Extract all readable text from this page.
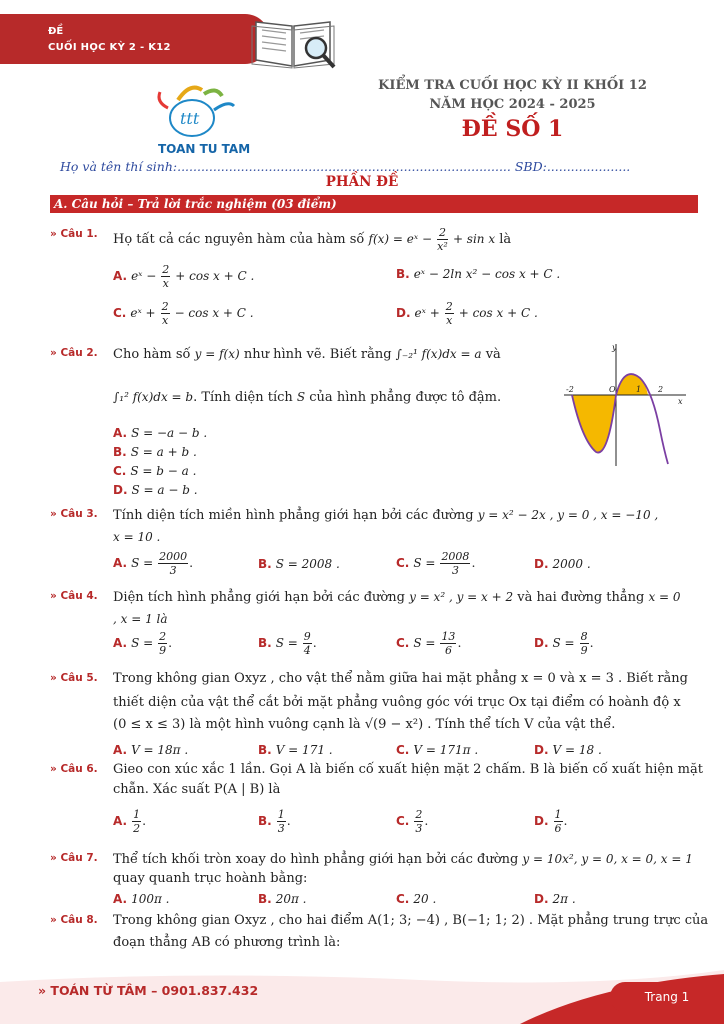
ĐỀ
CUỐI HỌC KỲ 2 - K12
ttt
TOAN TU TAM
KIỂM TRA CUỐI HỌC KỲ II KHỐI 12
NĂM HỌC 2024 - 2025
ĐỀ SỐ 1
Họ và tên thí sinh:.................................................................................... SBD:.....................
PHẦN ĐỀ
A. Câu hỏi – Trả lời trắc nghiệm (03 điểm)
» Câu 1. Họ tất cả các nguyên hàm của hàm số f(x) = eˣ − $\frac{2}{\text{x²}} + \sin x$ là
A. eˣ − $\frac{2}{x} + \cos x + C$ .	B. eˣ − 2ln x² − cos x + C .
C. eˣ + $\frac{2}{x} - \cos x + C$ .	D. eˣ + $\frac{2}{x} + \cos x + C$ .
» Câu 2. Cho hàm số y = f(x) như hình vẽ. Biết rằng ∫₋₂¹ f(x)dx = a và
∫₁² f(x)dx = b. Tính diện tích S của hình phẳng được tô đậm.
A. S = −a − b .
B. S = a + b .
C. S = b − a .
D. S = a − b .
y
x
-2	O	1 2
» Câu 3. Tính diện tích miền hình phẳng giới hạn bởi các đường y = x² − 2x , y = 0 , x = −10 ,
x = 10 .
A. $S = \frac{2000}{3}$ .	B. S = 2008 .	C. $S = \frac{2008}{3}$ .	D. 2000 .
» Câu 4. Diện tích hình phẳng giới hạn bởi các đường y = x² , y = x + 2 và hai đường thẳng x = 0
, x = 1 là
A. $S = \frac{2}{9}$ .	B. $S = \frac{9}{4}$ .	C. $S = \frac{13}{6}$ .	D. $S = \frac{8}{9}$ .
» Câu 5. Trong không gian Oxyz , cho vật thể nằm giữa hai mặt phẳng x = 0 và x = 3 . Biết rằng
thiết diện của vật thể cắt bởi mặt phẳng vuông góc với trục Ox tại điểm có hoành độ x
(0 ≤ x ≤ 3) là một hình vuông cạnh là √(9 − x²) . Tính thể tích V của vật thể.
A. V = 18π .	B. V = 171 .	C. V = 171π .	D. V = 18 .
» Câu 6. Gieo con xúc xắc 1 lần. Gọi A là biến cố xuất hiện mặt 2 chấm. B là biến cố xuất hiện mặt
chẵn. Xác suất P(A | B) là
A. $\frac{1}{2}$ .	B. $\frac{1}{3}$ .	C. $\frac{2}{3}$ .	D. $\frac{1}{6}$ .
» Câu 7. Thể tích khối tròn xoay do hình phẳng giới hạn bởi các đường y = 10x², y = 0, x = 0, x = 1
quay quanh trục hoành bằng:
A. 100π .	B. 20π .	C. 20 .	D. 2π .
» Câu 8. Trong không gian Oxyz , cho hai điểm A(1; 3; −4) , B(−1; 1; 2) . Mặt phẳng trung trực của
đoạn thẳng AB có phương trình là:
» TOÁN TỪ TÂM – 0901.837.432	Trang 1
